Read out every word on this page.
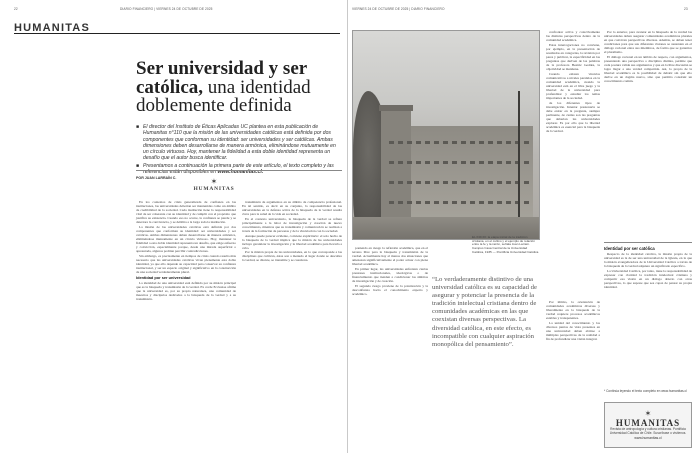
22	DIARIO FINANCIERO | VIERNES 24 DE OCTUBRE DE 2025
HUMANITAS
Ser universidad y ser católica, una identidad doblemente definida
■ El director del Instituto de Éticas Aplicadas UC plantea en esta publicación de Humanitas n°110 que la misión de las universidades católicas está definida por dos componentes que conforman su identidad: ser universidades y ser católicas. Ambas dimensiones deben desarrollarse de manera armónica, eliminándose mutuamente en un círculo virtuoso. Hoy, mantener la fidelidad a esta doble identidad representa un desafío que el autor busca identificar.
■ Presentamos a continuación la primera parte de este artículo, el texto completo y las referencias están disponibles en www.humanitas.cl.
POR JUAN LARRAÍN C.	✶
HUMANITAS

En los contextos de crisis generalizada de confianza en las instituciones, las universidades deberían ser mantenidas como un ámbito de credibilidad de la sociedad. Cada institución tiene la responsabilidad vital de ser coherente con su identidad y de cumplir con el propósito que justifica su existencia. Cuando eso no ocurre, la confianza se pierde y se deteriora la convivencia, y se debilita a la larga toda la institución.

La misión de las universidades católicas está definida por dos componentes que conforman su identidad: ser universidades y ser católicas. Ambas dimensiones deben desarrollarse de manera armónica, eliminándose mutuamente en un círculo virtuoso. Hoy, mantener la fidelidad a esta doble identidad representa un desafío, que exige esfuerzo y convicción, especialmente porque, desde una mirada superficial o apresurada, algunos podrían percibir contradicciones.

Sin embargo, es precisamente en tiempos de crisis cuando resulta más necesario que las universidades católicas vivan plenamente esta doble identidad, ya que ello depende su capacidad para conservar su confianza institucional, y ser un espacio original y significativo en la construcción de una sociedad verdaderamente plural.

Identidad por ser universidad

La identidad de una universidad está definida por su misión principal que es la búsqueda y transmisión de la verdad. Ex corde Ecclesiae afirma que la universidad es, por su propia naturaleza, una comunidad de maestros y discípulos dedicados a la búsqueda de la verdad y a su transmisión.

transmisión de argumentos en su ámbito de competencia profesional. En tal sentido, es decir en su conjunto, la responsabilidad de las universidades en la defensa activa de la búsqueda de la verdad resulta clave para la salud de la vida en sociedad.

En el contexto universitario, la búsqueda de la verdad se refiere principalmente a la labor de investigación y creación de nuevo conocimiento, mientras que su transmisión y comunicación se realizan a través de la formación de personas y de la vinculación con la sociedad.

Aunque puede parecer evidente, conviene explicitarlo: el solo hecho de la búsqueda de la verdad implica que la misión de las universidades incluye garantizar la investigación y la libertad académica para llevarla a cabo.

Por la misión propia de las universidades, en lo que corresponde a las disciplinas que cultivan, éstas son a menudo el lugar donde se descubre la verdad, se discute, se transmite y se cuestiona.

VIERNES 24 DE OCTUBRE DE 2025 | DIARIO FINANCIERO	23
EL INICIO: la etapa inicial de la tradición cristiana, en el cultivo y el ejemplo de relación entre la fe y la razón, señala Juan Larraín. Campus Casa Central de la Universidad Católica, 1935 — Pontificia Universidad Católica

poniendo en riesgo la reflexión académica, que en el terreno libre para la búsqueda y transmisión de la verdad. Actualmente hay al menos dos situaciones que amenazan significativamente el poder actuar con plena libertad académica.

En primer lugar, las universidades enfrentan ciertas presiones institucionales, ideológicas o de financiamiento que tienden a condicionar los ámbitos de investigación y de creación.

El segundo riesgo proviene de la polarización y la desconfianza hacia el conocimiento experto y académico.

“Lo verdaderamente distintivo de una universidad católica es su capacidad de asegurar y potenciar la presencia de la tradición intelectual cristiana dentro de comunidades académicas en las que coexistan diversas perspectivas. La diversidad católica, en este efecto, es incompatible con cualquier aspiración monopólica del pensamiento”.

confrontar activa y colectivamente las distintas perspectivas dentro de la comunidad académica.

Estas interrogaciones no conviene, por ejemplo, en la presentación de resultados en categorías, la revisión por pares y publicar, la especificidad en las preguntas que deriven de las palabras de la profesora Beatriz Geddes, la objetividad se mantiene.

Cuando existen vínculos comunicativos a niveles paralelos en la comunidad académica, cuando la universidad está en el libre juego y la libertad de la universidad para profundizar y estudiar los temas importantes de la sociedad.

de los diferentes tipos de investigación. Intentar presionarla se debe entrar en la pregunta, siempre pertinente, de cuáles son las preguntas que deberían las universidades explorar. Es por ello que la libertad académica es esencial para la búsqueda de la verdad.

Por lo anterior, para avanzar en la búsqueda de la verdad las universidades deben asegurar comunidades académicas plurales en que convivan perspectivas diversas. Además, se deben tener condiciones para que sus diferentes visiones se sustenten en el diálogo racional entre sus miembros, de forma que se garantice el pluralismo.

El diálogo racional en un ámbito de respeto, con argumentos, presentando una perspectiva o disciplina distinta, permite que cada postura valide sus argumentos y que en la libre discusión se logre llegar a una verdad compartida. Así, lo propio de la libertad académica es la posibilidad de debatir sin que ello derive en un dogma nuevo, sino que permita construir un conocimiento común.

Identidad por ser católica

Respecto de la identidad católica, la misión propia de la universidad es la de ser una universidad de la Iglesia, en la que la misión evangelizadora de la Universidad Católica a través de la búsqueda de la verdad adquiere un significado específico.

La Universidad Católica, por tanto, tiene la responsabilidad de expresar con claridad la tradición intelectual cristiana y compartir esa visión en un diálogo abierto con otras perspectivas, lo que supone que sea capaz de pensar su propia identidad.

Por último, la orientación de comunidades académicas diversas y liberalmente en la búsqueda de la verdad requiere procesos académicos estables y transparentes.

La unidad del conocimiento y los diversos puntos de vista presentes en una universidad deben abrirse a múltiples perspectivas de la realidad a fin de profundizar una visión integral.

* Continúa leyendo el texto completo en www.humanitas.cl
✶
HUMANITAS
Revista de antropología y cultura cristianas. Pontificia Universidad Católica de Chile. Suscríbase o visítenos.
www.humanitas.cl
